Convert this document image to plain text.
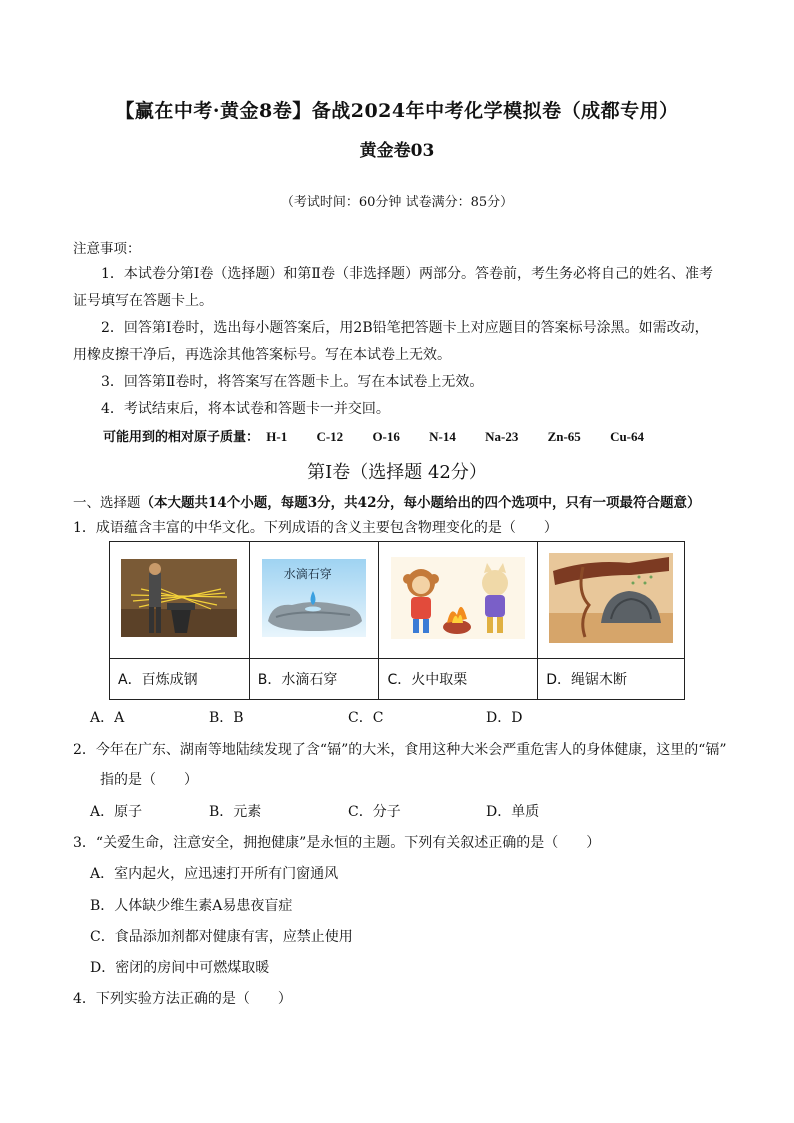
【赢在中考·黄金8卷】备战2024年中考化学模拟卷（成都专用）
黄金卷03
（考试时间：60分钟 试卷满分：85分）
注意事项：
1．本试卷分第Ⅰ卷（选择题）和第Ⅱ卷（非选择题）两部分。答卷前，考生务必将自己的姓名、准考
证号填写在答题卡上。
2．回答第Ⅰ卷时，选出每小题答案后，用2B铅笔把答题卡上对应题目的答案标号涂黑。如需改动，
用橡皮擦干净后，再选涂其他答案标号。写在本试卷上无效。
3．回答第Ⅱ卷时，将答案写在答题卡上。写在本试卷上无效。
4．考试结束后，将本试卷和答题卡一并交回。
可能用到的相对原子质量： H-1 C-12 O-16 N-14 Na-23 Zn-65 Cu-64
第Ⅰ卷（选择题 42分）
一、选择题（本大题共14个小题，每题3分，共42分，每小题给出的四个选项中，只有一项最符合题意）
1．成语蕴含丰富的中华文化。下列成语的含义主要包含物理变化的是（　　）

水滴石穿

A．百炼成钢	B．水滴石穿	C．火中取栗	D．绳锯木断
A．A	B．B	C．C	D．D
2．今年在广东、湖南等地陆续发现了含“镉”的大米，食用这种大米会严重危害人的身体健康，这里的“镉”
指的是（　　）
A．原子	B．元素	C．分子	D．单质
3．“关爱生命，注意安全，拥抱健康”是永恒的主题。下列有关叙述正确的是（　　）
A．室内起火，应迅速打开所有门窗通风
B．人体缺少维生素A易患夜盲症
C．食品添加剂都对健康有害，应禁止使用
D．密闭的房间中可燃煤取暖
4．下列实验方法正确的是（　　）
